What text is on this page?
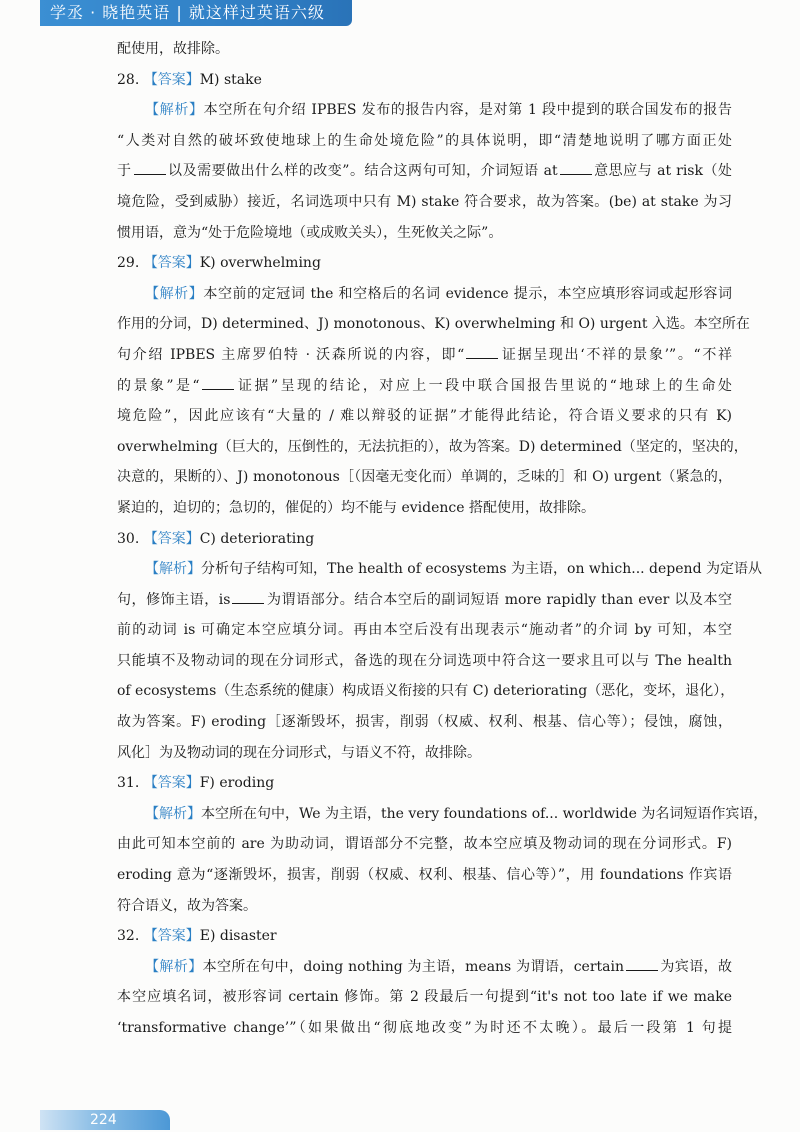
学丞 · 晓艳英语 | 就这样过英语六级
配使用，故排除。
28. 【答案】M) stake
【解析】本空所在句介绍 IPBES 发布的报告内容，是对第 1 段中提到的联合国发布的报告
“人类对自然的破坏致使地球上的生命处境危险”的具体说明，即“清楚地说明了哪方面正处
于	以及需要做出什么样的改变”。结合这两句可知，介词短语 at	意思应与 at risk（处
境危险，受到威胁）接近，名词选项中只有 M) stake 符合要求，故为答案。(be) at stake 为习
惯用语，意为“处于危险境地（或成败关头），生死攸关之际”。
29. 【答案】K) overwhelming
【解析】本空前的定冠词 the 和空格后的名词 evidence 提示，本空应填形容词或起形容词
作用的分词，D) determined、J) monotonous、K) overwhelming 和 O) urgent 入选。本空所在
句介绍 IPBES 主席罗伯特 · 沃森所说的内容，即“	证据呈现出‘不祥的景象’”。“不祥
的景象”是“	证据”呈现的结论，对应上一段中联合国报告里说的“地球上的生命处
境危险”，因此应该有“大量的 / 难以辩驳的证据”才能得此结论，符合语义要求的只有 K)
overwhelming（巨大的，压倒性的，无法抗拒的），故为答案。D) determined（坚定的，坚决的，
决意的，果断的）、J) monotonous［（因毫无变化而）单调的，乏味的］和 O) urgent（紧急的，
紧迫的，迫切的；急切的，催促的）均不能与 evidence 搭配使用，故排除。
30. 【答案】C) deteriorating
【解析】分析句子结构可知，The health of ecosystems 为主语，on which... depend 为定语从
句，修饰主语，is	为谓语部分。结合本空后的副词短语 more rapidly than ever 以及本空
前的动词 is 可确定本空应填分词。再由本空后没有出现表示“施动者”的介词 by 可知，本空
只能填不及物动词的现在分词形式，备选的现在分词选项中符合这一要求且可以与 The health
of ecosystems（生态系统的健康）构成语义衔接的只有 C) deteriorating（恶化，变坏，退化），
故为答案。F) eroding［逐渐毁坏，损害，削弱（权威、权利、根基、信心等）；侵蚀，腐蚀，
风化］为及物动词的现在分词形式，与语义不符，故排除。
31. 【答案】F) eroding
【解析】本空所在句中，We 为主语，the very foundations of... worldwide 为名词短语作宾语，
由此可知本空前的 are 为助动词，谓语部分不完整，故本空应填及物动词的现在分词形式。F)
eroding 意为“逐渐毁坏，损害，削弱（权威、权利、根基、信心等）”，用 foundations 作宾语
符合语义，故为答案。
32. 【答案】E) disaster
【解析】本空所在句中，doing nothing 为主语，means 为谓语，certain	为宾语，故
本空应填名词，被形容词 certain 修饰。第 2 段最后一句提到“it's not too late if we make
‘transformative change’”（如果做出“彻底地改变”为时还不太晚）。最后一段第 1 句提
224
